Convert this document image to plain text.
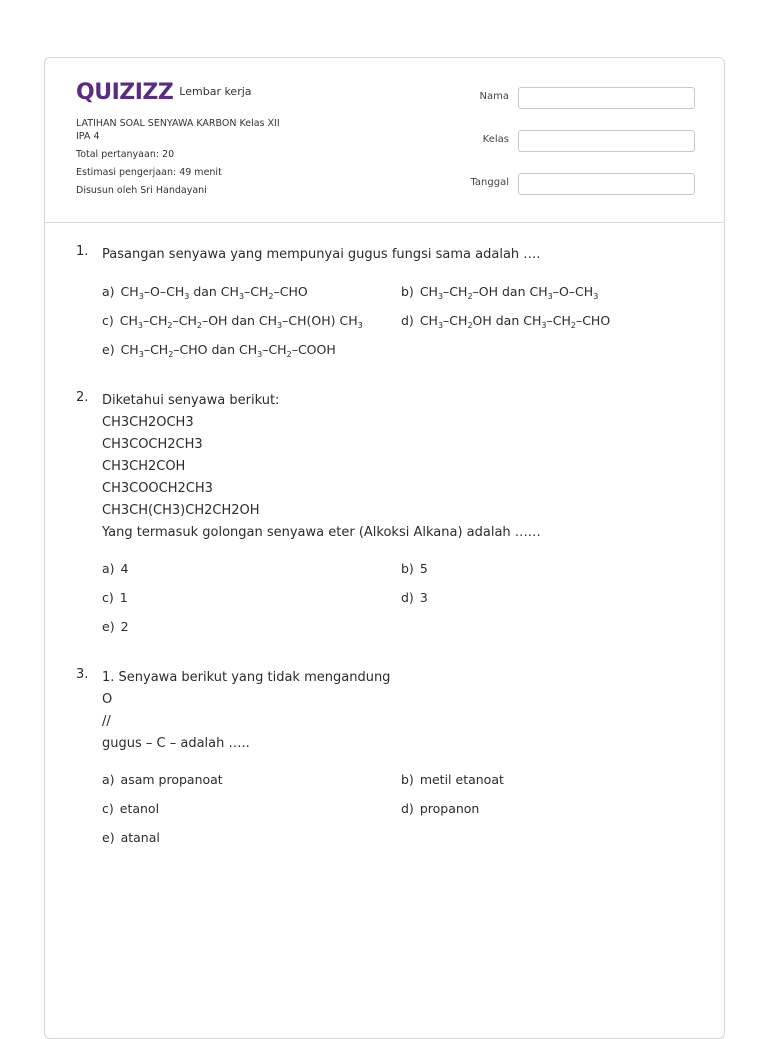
QUIZIZZ Lembar kerja
LATIHAN SOAL SENYAWA KARBON Kelas XII
IPA 4
Total pertanyaan: 20
Estimasi pengerjaan: 49 menit
Disusun oleh Sri Handayani
Nama
Kelas
Tanggal
1. Pasangan senyawa yang mempunyai gugus fungsi sama adalah ….
a) $CH_3-O-CH_3$ dan $CH_3-CH_2$–CHO	b) $CH_3-CH_2-OH$ dan $CH_3-O-CH_3$
c) $CH_3-CH_2-CH_2-OH$ dan $CH_3-CH(OH)$ $CH_3$	d) $CH_3-CH_2OH$ dan $CH_3-CH_2$–CHO
e) $CH_3-CH_2$–CHO dan $CH_3-CH_2$–COOH
2. Diketahui senyawa berikut:
CH3CH2OCH3
CH3COCH2CH3
CH3CH2COH
CH3COOCH2CH3
CH3CH(CH3)CH2CH2OH
Yang termasuk golongan senyawa eter (Alkoksi Alkana) adalah ……
a) 4	b) 5
c) 1	d) 3
e) 2
3. 1. Senyawa berikut yang tidak mengandung
O
//
gugus – C – adalah …..
a) asam propanoat	b) metil etanoat
c) etanol	d) propanon
e) atanal
